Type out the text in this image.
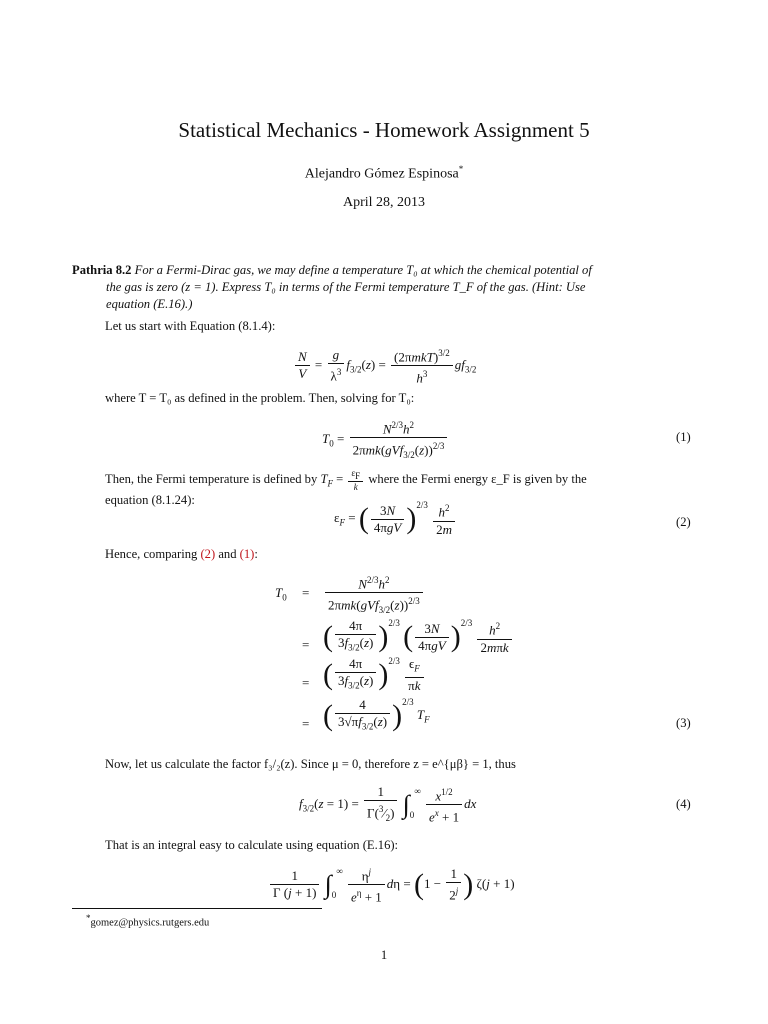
Statistical Mechanics - Homework Assignment 5
Alejandro Gómez Espinosa*
April 28, 2013
Pathria 8.2 For a Fermi-Dirac gas, we may define a temperature T₀ at which the chemical potential of
the gas is zero (z = 1). Express T₀ in terms of the Fermi temperature T_F of the gas. (Hint: Use
equation (E.16).)
Let us start with Equation (8.1.4):
$\frac{N}{V} = \frac{g}{\lambda^3} f_{3/2}(z) = \frac{(2\pi mkT)^{3/2}}{h^3} gf_{3/2}$
where T = T₀ as defined in the problem. Then, solving for T₀:
$T_0 = \frac{N^{2/3}h^2}{2\pi mk(gVf_{3/2}(z))^{2/3}}$	(1)
Then, the Fermi temperature is defined by $T_F = \frac{\varepsilon_F}{k}$ where the Fermi energy ε_F is given by the
equation (8.1.24):
$\varepsilon_F$ = ( $\frac{3N}{\text{4πgV}} )^{2/3} \frac{h^2}{2m}$	(2)
Hence, comparing (2) and (1):
$T_0 = \frac{N^{2/3}h^2}{2\pi mk(gVf_{3/2}(z))^{2/3}}$
= ( $\frac{4\pi}{3f_{3/2}(z)} )^{2/3}$ ( $\frac{3N}{\text{4πgV}} )^{2/3} \frac{h^2}{\text{2mπk}}$
= ( $\frac{4\pi}{3f_{3/2}(z)} )^{2/3} \frac{\epsilon_F}{\pi k}$
= ( $\frac{4}{3√\pi f_{3/2}(z)} )^{2/3}$ $T_F$	(3)
Now, let us calculate the factor f₃/₂(z). Since μ = 0, therefore z = e^{μβ} = 1, thus
$f_{3/2}(z = 1) = \frac{1}{\Gamma(^3⁄_2)} \int_0^\infty \frac{x^{1/2}}{e^x + 1}$ dx	(4)
That is an integral easy to calculate using equation (E.16):
$\frac{1}{\Gamma (j + 1)} \int_0^\infty \frac{\eta^j}{e^\eta + 1}$ $d\eta = (1 - \frac{1}{2^j}$ ) ζ(j + 1)
*gomez@physics.rutgers.edu
1
